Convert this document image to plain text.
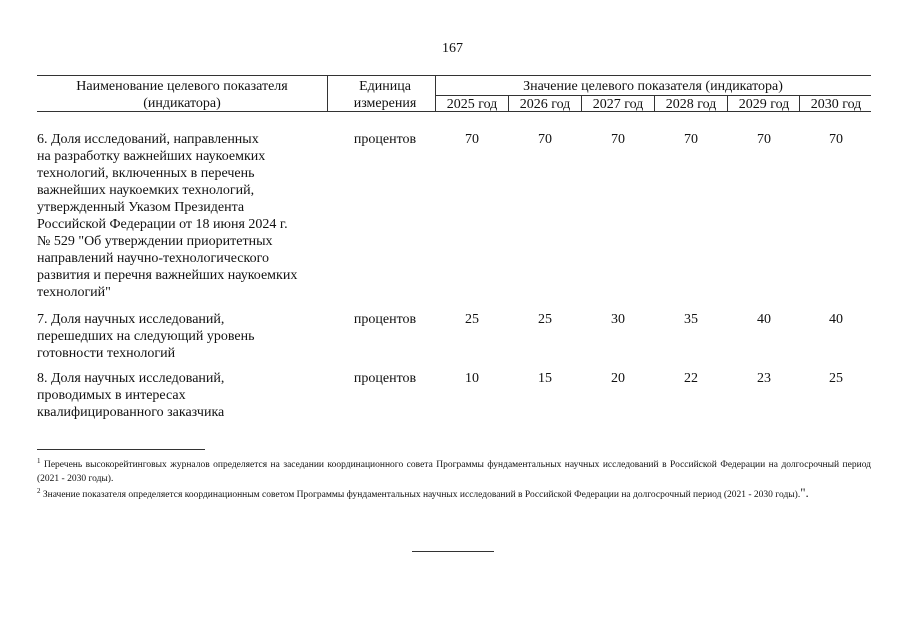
167
Наименование целевого показателя (индикатора)
Единица измерения
Значение целевого показателя (индикатора)
2025 год	2026 год	2027 год	2028 год	2029 год	2030 год
6. Доля исследований, направленных
на разработку важнейших наукоемких
технологий, включенных в перечень
важнейших наукоемких технологий,
утвержденный Указом Президента
Российской Федерации от 18 июня 2024 г.
№ 529 "Об утверждении приоритетных
направлений научно-технологического
развития и перечня важнейших наукоемких
технологий"
процентов	70	70	70	70	70	70
7. Доля научных исследований,
перешедших на следующий уровень
готовности технологий
процентов	25	25	30	35	40	40
8. Доля научных исследований,
проводимых в интересах
квалифицированного заказчика
процентов	10	15	20	22	23	25
$^1$ Перечень высокорейтинговых журналов определяется на заседании координационного совета Программы фундаментальных научных исследований в Российской Федерации на долгосрочный период (2021 - 2030 годы).
$^2$ Значение показателя определяется координационным советом Программы фундаментальных научных исследований в Российской Федерации на долгосрочный период (2021 - 2030 годы).".
